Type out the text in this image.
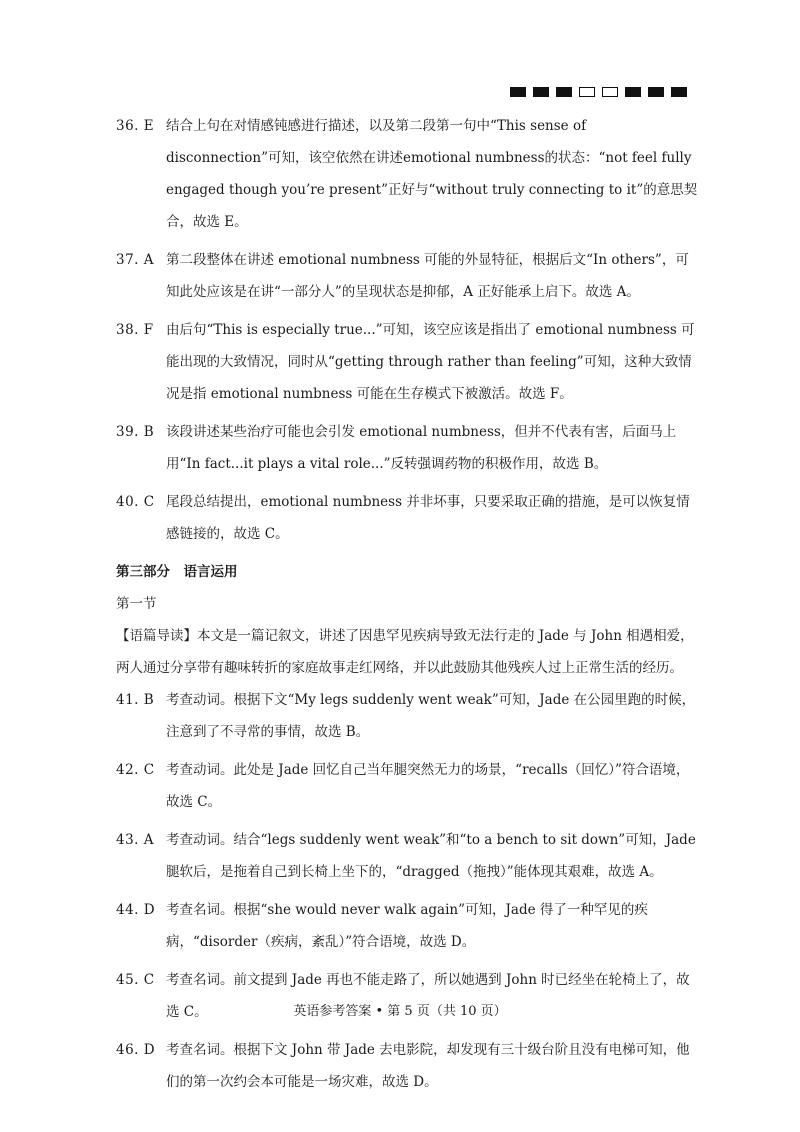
36. E 结合上句在对情感钝感进行描述，以及第二段第一句中“This sense of disconnection”可知，该空依然在讲述emotional numbness的状态：“not feel fully engaged though you’re present”正好与“without truly connecting to it”的意思契合，故选 E。
37. A 第二段整体在讲述 emotional numbness 可能的外显特征，根据后文“In others”，可知此处应该是在讲“一部分人”的呈现状态是抑郁，A 正好能承上启下。故选 A。
38. F 由后句“This is especially true...”可知，该空应该是指出了 emotional numbness 可能出现的大致情况，同时从“getting through rather than feeling”可知，这种大致情况是指 emotional numbness 可能在生存模式下被激活。故选 F。
39. B 该段讲述某些治疗可能也会引发 emotional numbness，但并不代表有害，后面马上用“In fact...it plays a vital role...”反转强调药物的积极作用，故选 B。
40. C 尾段总结提出，emotional numbness 并非坏事，只要采取正确的措施，是可以恢复情感链接的，故选 C。
第三部分　语言运用
第一节
【语篇导读】本文是一篇记叙文，讲述了因患罕见疾病导致无法行走的 Jade 与 John 相遇相爱，两人通过分享带有趣味转折的家庭故事走红网络，并以此鼓励其他残疾人过上正常生活的经历。
41. B 考查动词。根据下文“My legs suddenly went weak”可知，Jade 在公园里跑的时候，注意到了不寻常的事情，故选 B。
42. C 考查动词。此处是 Jade 回忆自己当年腿突然无力的场景，“recalls（回忆）”符合语境，故选 C。
43. A 考查动词。结合“legs suddenly went weak”和“to a bench to sit down”可知，Jade 腿软后，是拖着自己到长椅上坐下的，“dragged（拖拽）”能体现其艰难，故选 A。
44. D 考查名词。根据“she would never walk again”可知，Jade 得了一种罕见的疾病，“disorder（疾病，紊乱）”符合语境，故选 D。
45. C 考查名词。前文提到 Jade 再也不能走路了，所以她遇到 John 时已经坐在轮椅上了，故选 C。
46. D 考查名词。根据下文 John 带 Jade 去电影院，却发现有三十级台阶且没有电梯可知，他们的第一次约会本可能是一场灾难，故选 D。
英语参考答案 • 第 5 页（共 10 页）
